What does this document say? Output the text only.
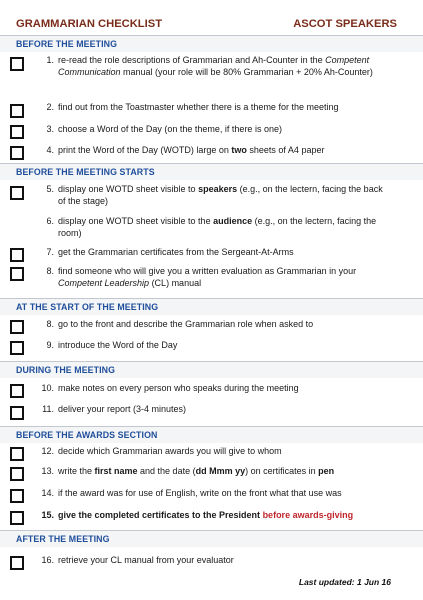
GRAMMARIAN CHECKLIST	ASCOT SPEAKERS
BEFORE THE MEETING
1. re-read the role descriptions of Grammarian and Ah-Counter in the Competent Communication manual (your role will be 80% Grammarian + 20% Ah-Counter)
2. find out from the Toastmaster whether there is a theme for the meeting
3. choose a Word of the Day (on the theme, if there is one)
4. print the Word of the Day (WOTD) large on two sheets of A4 paper
BEFORE THE MEETING STARTS
5. display one WOTD sheet visible to speakers (e.g., on the lectern, facing the back of the stage)
6. display one WOTD sheet visible to the audience (e.g., on the lectern, facing the room)
7. get the Grammarian certificates from the Sergeant-At-Arms
8. find someone who will give you a written evaluation as Grammarian in your Competent Leadership (CL) manual
AT THE START OF THE MEETING
8. go to the front and describe the Grammarian role when asked to
9. introduce the Word of the Day
DURING THE MEETING
10. make notes on every person who speaks during the meeting
11. deliver your report (3-4 minutes)
BEFORE THE AWARDS SECTION
12. decide which Grammarian awards you will give to whom
13. write the first name and the date (dd Mmm yy) on certificates in pen
14. if the award was for use of English, write on the front what that use was
15. give the completed certificates to the President before awards-giving
AFTER THE MEETING
16. retrieve your CL manual from your evaluator
Last updated: 1 Jun 16
